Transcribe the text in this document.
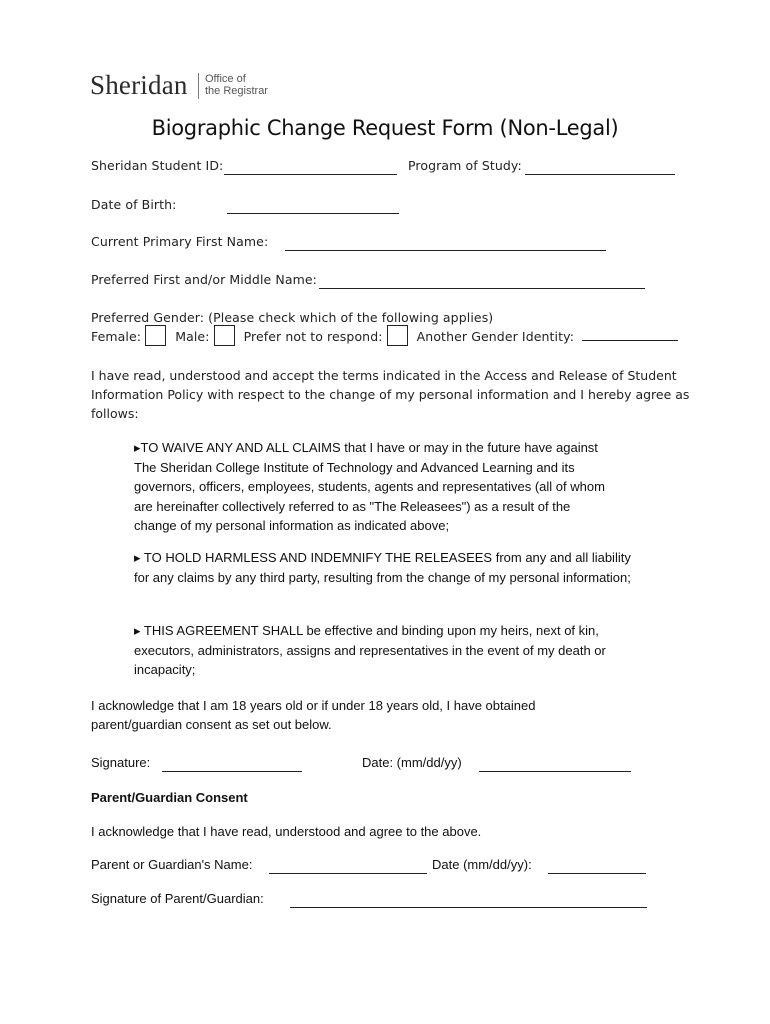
Sheridan Office of
the Registrar
Biographic Change Request Form (Non-Legal)
Sheridan Student ID:	Program of Study:
Date of Birth:
Current Primary First Name:
Preferred First and/or Middle Name:
Preferred Gender: (Please check which of the following applies)
Female:	Male:	Prefer not to respond:	Another Gender Identity:
I have read, understood and accept the terms indicated in the Access and Release of Student Information Policy with respect to the change of my personal information and I hereby agree as follows:
▸TO WAIVE ANY AND ALL CLAIMS that I have or may in the future have against The Sheridan College Institute of Technology and Advanced Learning and its governors, officers, employees, students, agents and representatives (all of whom are hereinafter collectively referred to as "The Releasees") as a result of the change of my personal information as indicated above;
▸ TO HOLD HARMLESS AND INDEMNIFY THE RELEASEES from any and all liability for any claims by any third party, resulting from the change of my personal information;
▸ THIS AGREEMENT SHALL be effective and binding upon my heirs, next of kin, executors, administrators, assigns and representatives in the event of my death or incapacity;
I acknowledge that I am 18 years old or if under 18 years old, I have obtained parent/guardian consent as set out below.
Signature:	Date: (mm/dd/yy)
Parent/Guardian Consent
I acknowledge that I have read, understood and agree to the above.
Parent or Guardian's Name:	Date (mm/dd/yy):
Signature of Parent/Guardian:
